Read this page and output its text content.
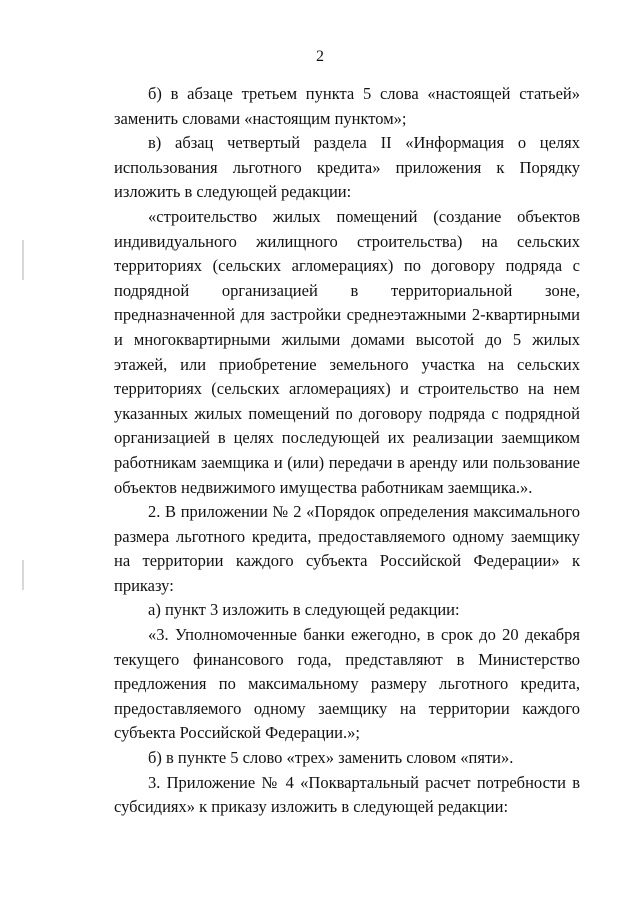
2

б) в абзаце третьем пункта 5 слова «настоящей статьей» заменить словами «настоящим пунктом»;

в) абзац четвертый раздела II «Информация о целях использования льготного кредита» приложения к Порядку изложить в следующей редакции:

«строительство жилых помещений (создание объектов индивидуального жилищного строительства) на сельских территориях (сельских агломерациях) по договору подряда с подрядной организацией в территориальной зоне, предназначенной для застройки среднеэтажными 2-квартирными и многоквартирными жилыми домами высотой до 5 жилых этажей, или приобретение земельного участка на сельских территориях (сельских агломерациях) и строительство на нем указанных жилых помещений по договору подряда с подрядной организацией в целях последующей их реализации заемщиком работникам заемщика и (или) передачи в аренду или пользование объектов недвижимого имущества работникам заемщика.».

2. В приложении № 2 «Порядок определения максимального размера льготного кредита, предоставляемого одному заемщику на территории каждого субъекта Российской Федерации» к приказу:

а) пункт 3 изложить в следующей редакции:

«3. Уполномоченные банки ежегодно, в срок до 20 декабря текущего финансового года, представляют в Министерство предложения по максимальному размеру льготного кредита, предоставляемого одному заемщику на территории каждого субъекта Российской Федерации.»;

б) в пункте 5 слово «трех» заменить словом «пяти».

3. Приложение № 4 «Поквартальный расчет потребности в субсидиях» к приказу изложить в следующей редакции:
